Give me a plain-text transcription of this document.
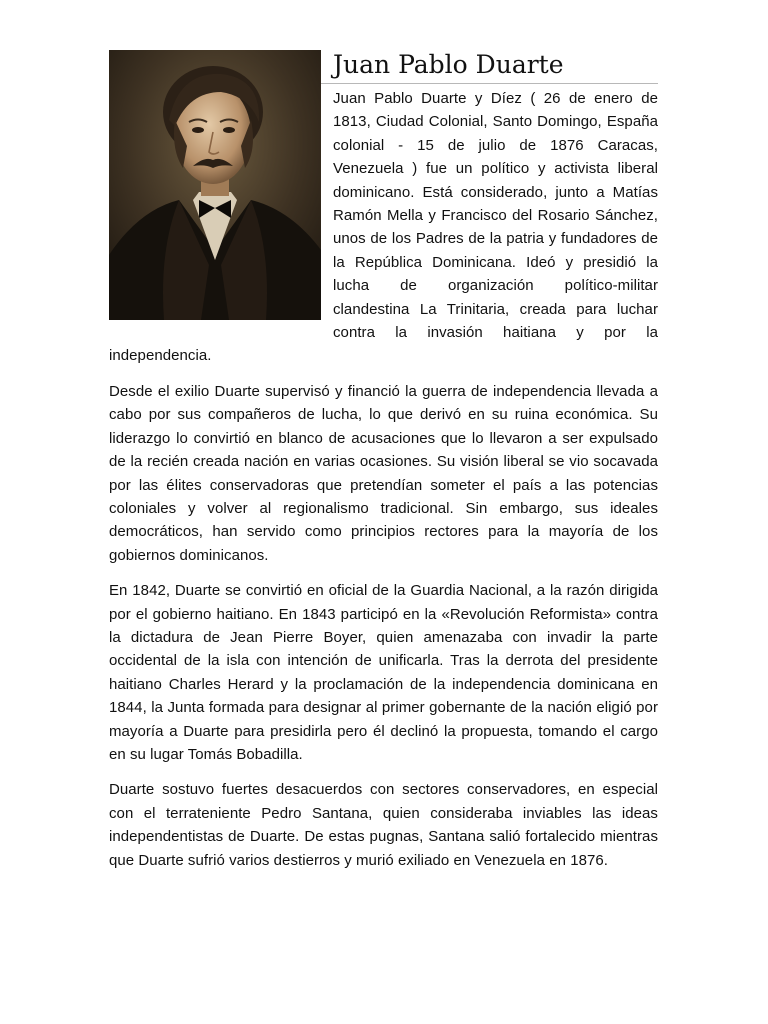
Juan Pablo Duarte

Juan Pablo Duarte y Díez ( 26 de enero de 1813, Ciudad Colonial, Santo Domingo, España colonial - 15 de julio de 1876 Caracas, Venezuela ) fue un político y activista liberal dominicano. Está considerado, junto a Matías Ramón Mella y Francisco del Rosario Sánchez, unos de los Padres de la patria y fundadores de la República Dominicana. Ideó y presidió la lucha de organización político-militar clandestina La Trinitaria, creada para luchar contra la invasión haitiana y por la independencia.

Desde el exilio Duarte supervisó y financió la guerra de independencia llevada a cabo por sus compañeros de lucha, lo que derivó en su ruina económica. Su liderazgo lo convirtió en blanco de acusaciones que lo llevaron a ser expulsado de la recién creada nación en varias ocasiones. Su visión liberal se vio socavada por las élites conservadoras que pretendían someter el país a las potencias coloniales y volver al regionalismo tradicional. Sin embargo, sus ideales democráticos, han servido como principios rectores para la mayoría de los gobiernos dominicanos.

En 1842, Duarte se convirtió en oficial de la Guardia Nacional, a la razón dirigida por el gobierno haitiano. En 1843 participó en la «Revolución Reformista» contra la dictadura de Jean Pierre Boyer, quien amenazaba con invadir la parte occidental de la isla con intención de unificarla. Tras la derrota del presidente haitiano Charles Herard y la proclamación de la independencia dominicana en 1844, la Junta formada para designar al primer gobernante de la nación eligió por mayoría a Duarte para presidirla pero él declinó la propuesta, tomando el cargo en su lugar Tomás Bobadilla.

Duarte sostuvo fuertes desacuerdos con sectores conservadores, en especial con el terrateniente Pedro Santana, quien consideraba inviables las ideas independentistas de Duarte. De estas pugnas, Santana salió fortalecido mientras que Duarte sufrió varios destierros y murió exiliado en Venezuela en 1876.
